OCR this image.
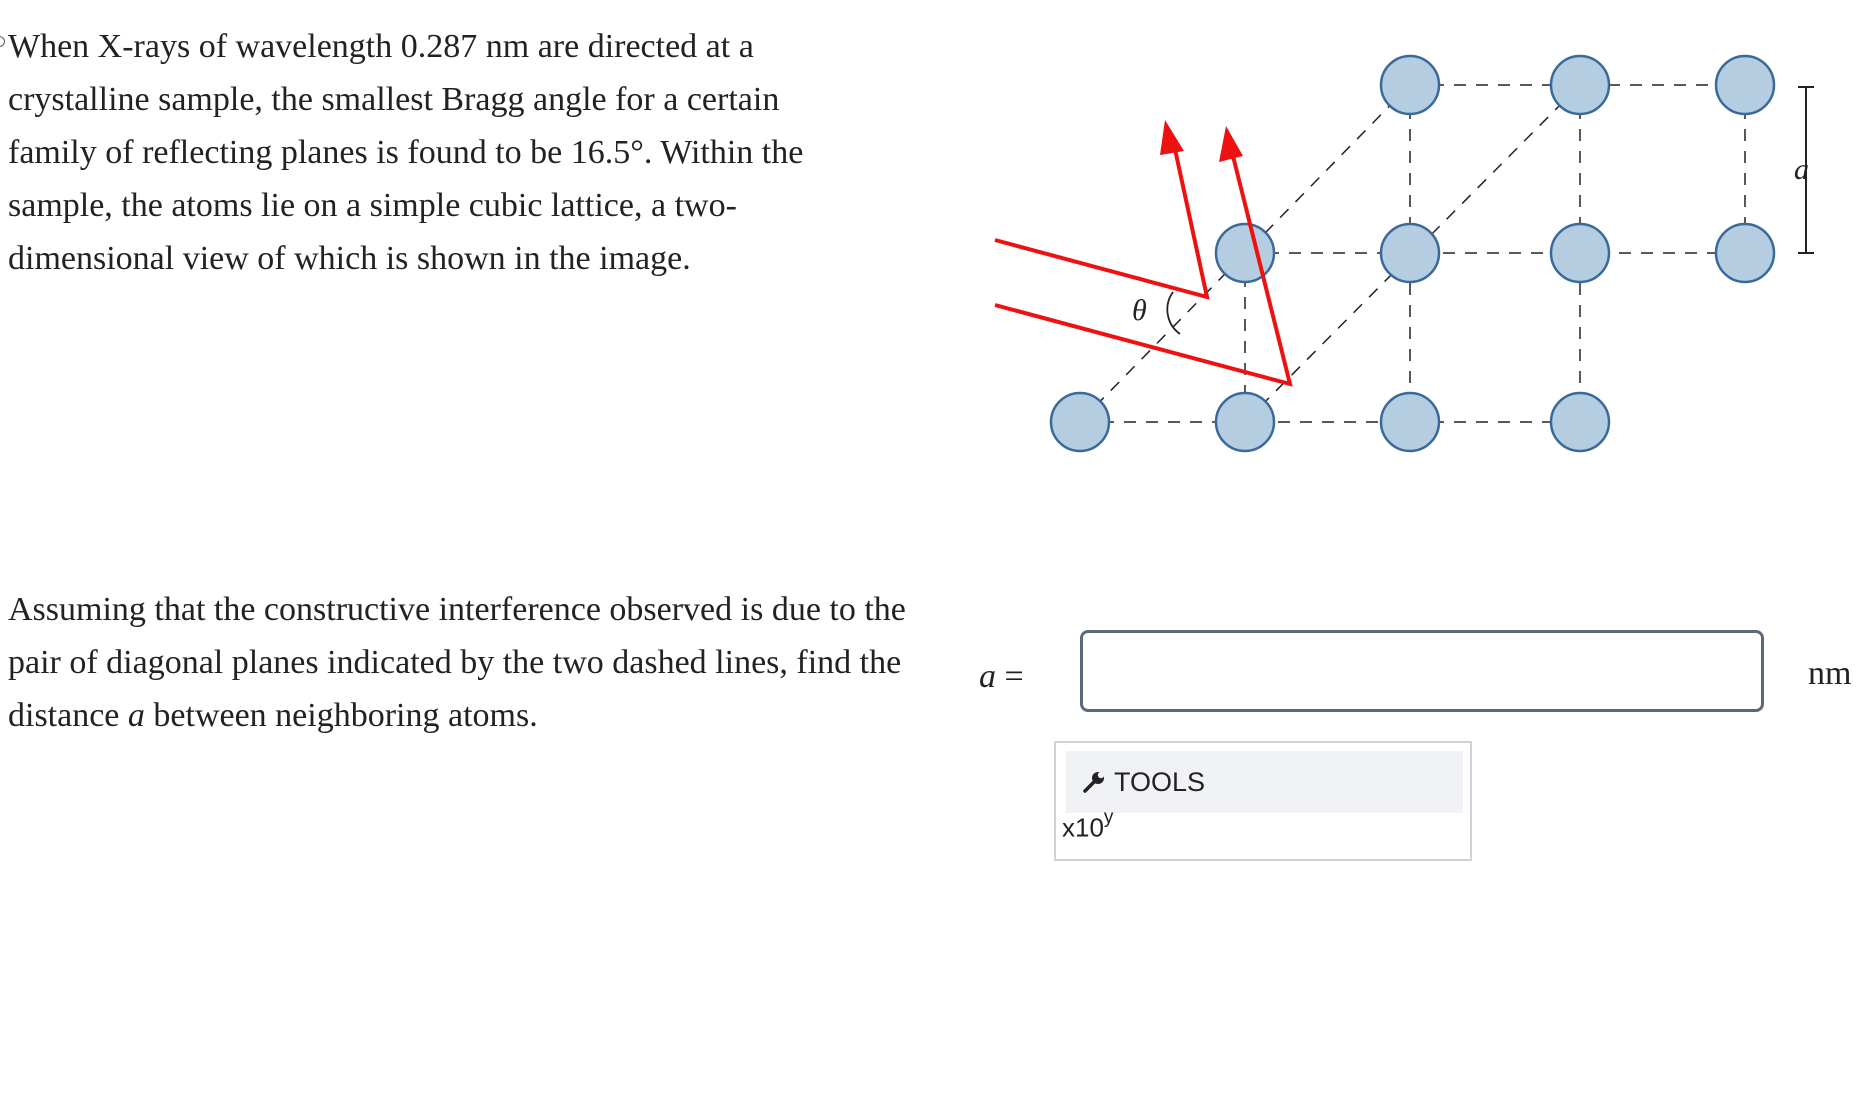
When X-rays of wavelength 0.287 nm are directed at a crystalline sample, the smallest Bragg angle for a certain family of reflecting planes is found to be 16.5°. Within the sample, the atoms lie on a simple cubic lattice, a two-dimensional view of which is shown in the image.

Assuming that the constructive interference observed is due to the pair of diagonal planes indicated by the two dashed lines, find the distance a between neighboring atoms.

θ
a
a =	nm
TOOLS
x10$^y$
